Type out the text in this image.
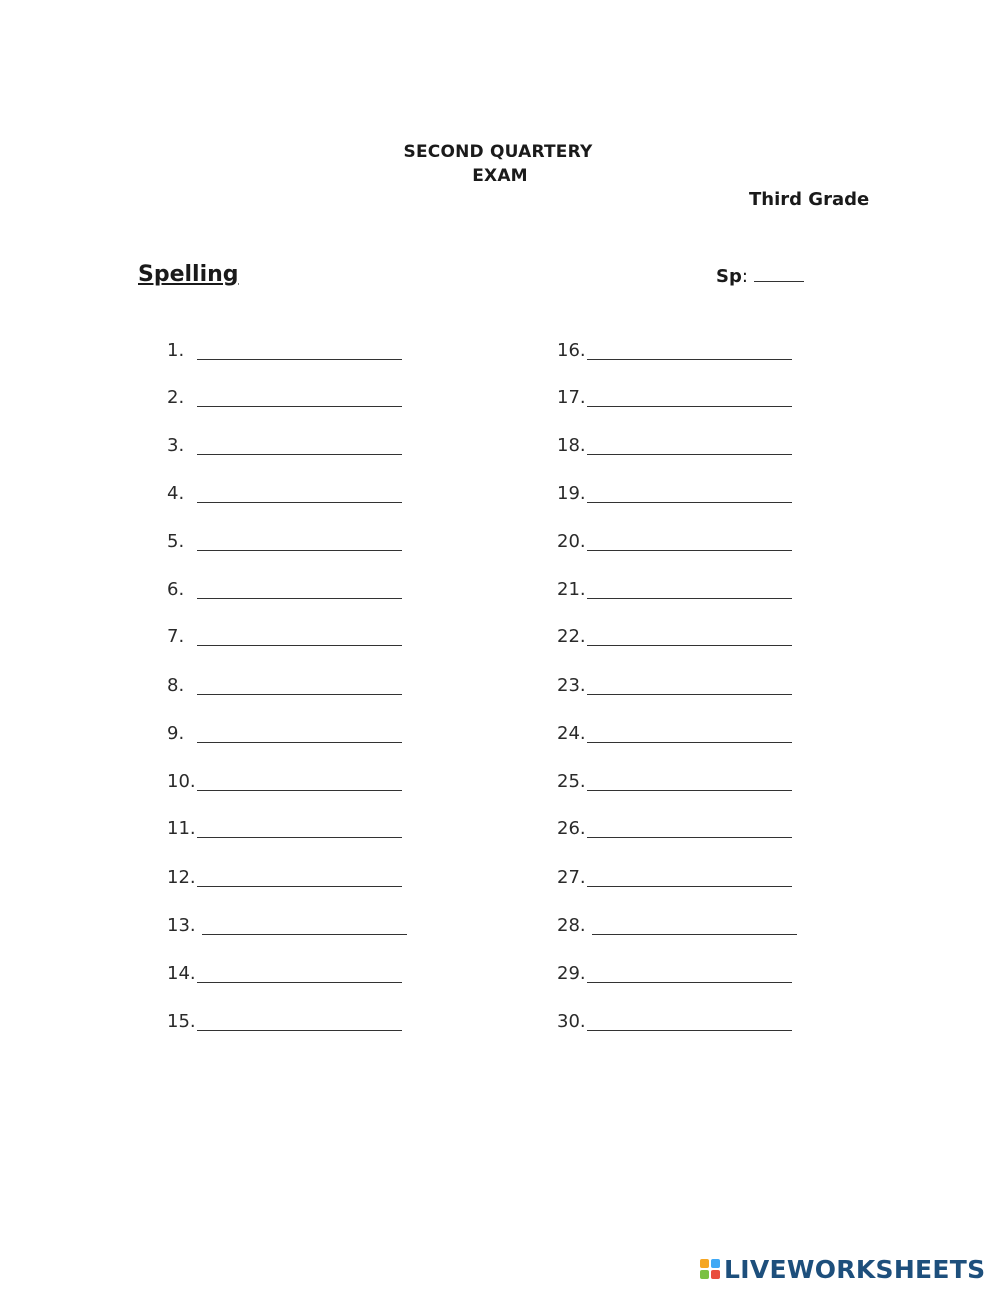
SECOND QUARTERY
EXAM
Third Grade
Spelling	Sp:
1.
2.
3.
4.
5.
6.
7.
8.
9.
10.
11.
12.
13.
14.
15.
16.
17.
18.
19.
20.
21.
22.
23.
24.
25.
26.
27.
28.
29.
30.
LIVEWORKSHEETS
